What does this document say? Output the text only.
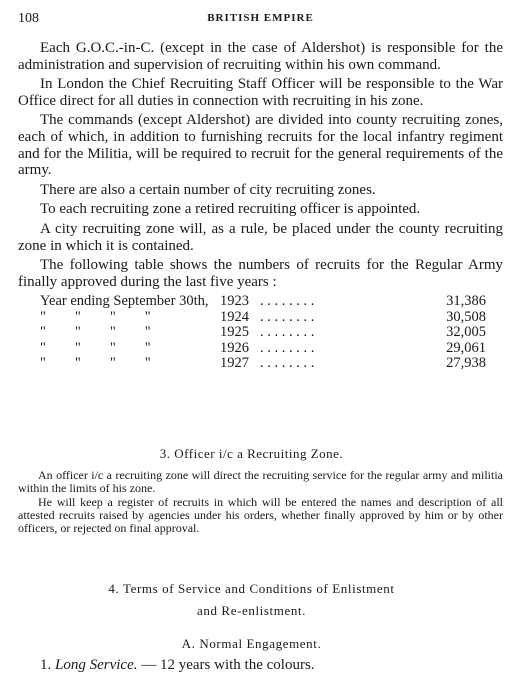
108	BRITISH EMPIRE

Each G.O.C.-in-C. (except in the case of Aldershot) is responsible for the administration and supervision of recruiting within his own command.

In London the Chief Recruiting Staff Officer will be responsible to the War Office direct for all duties in connection with recruiting in his zone.

The commands (except Aldershot) are divided into county recruiting zones, each of which, in addition to furnishing recruits for the local infantry regiment and for the Militia, will be required to recruit for the general requirements of the army.

There are also a certain number of city recruiting zones.

To each recruiting zone a retired recruiting officer is appointed.

A city recruiting zone will, as a rule, be placed under the county recruiting zone in which it is contained.

The following table shows the numbers of recruits for the Regular Army finally approved during the last five years :

Year ending September 30th,	1923	. . . . . . . .	31,386
"  "  "  "	1924	. . . . . . . .	30,508
"  "  "  "	1925	. . . . . . . .	32,005
"  "  "  "	1926	. . . . . . . .	29,061
"  "  "  "	1927	. . . . . . . .	27,938
3. Officer i/c a Recruiting Zone.

An officer i/c a recruiting zone will direct the recruiting service for the regular army and militia within the limits of his zone.

He will keep a register of recruits in which will be entered the names and description of all attested recruits raised by agencies under his orders, whether finally approved by him or by other officers, or rejected on final approval.

4. Terms of Service and Conditions of Enlistment
and Re-enlistment.
A. Normal Engagement.
1. Long Service. — 12 years with the colours.
